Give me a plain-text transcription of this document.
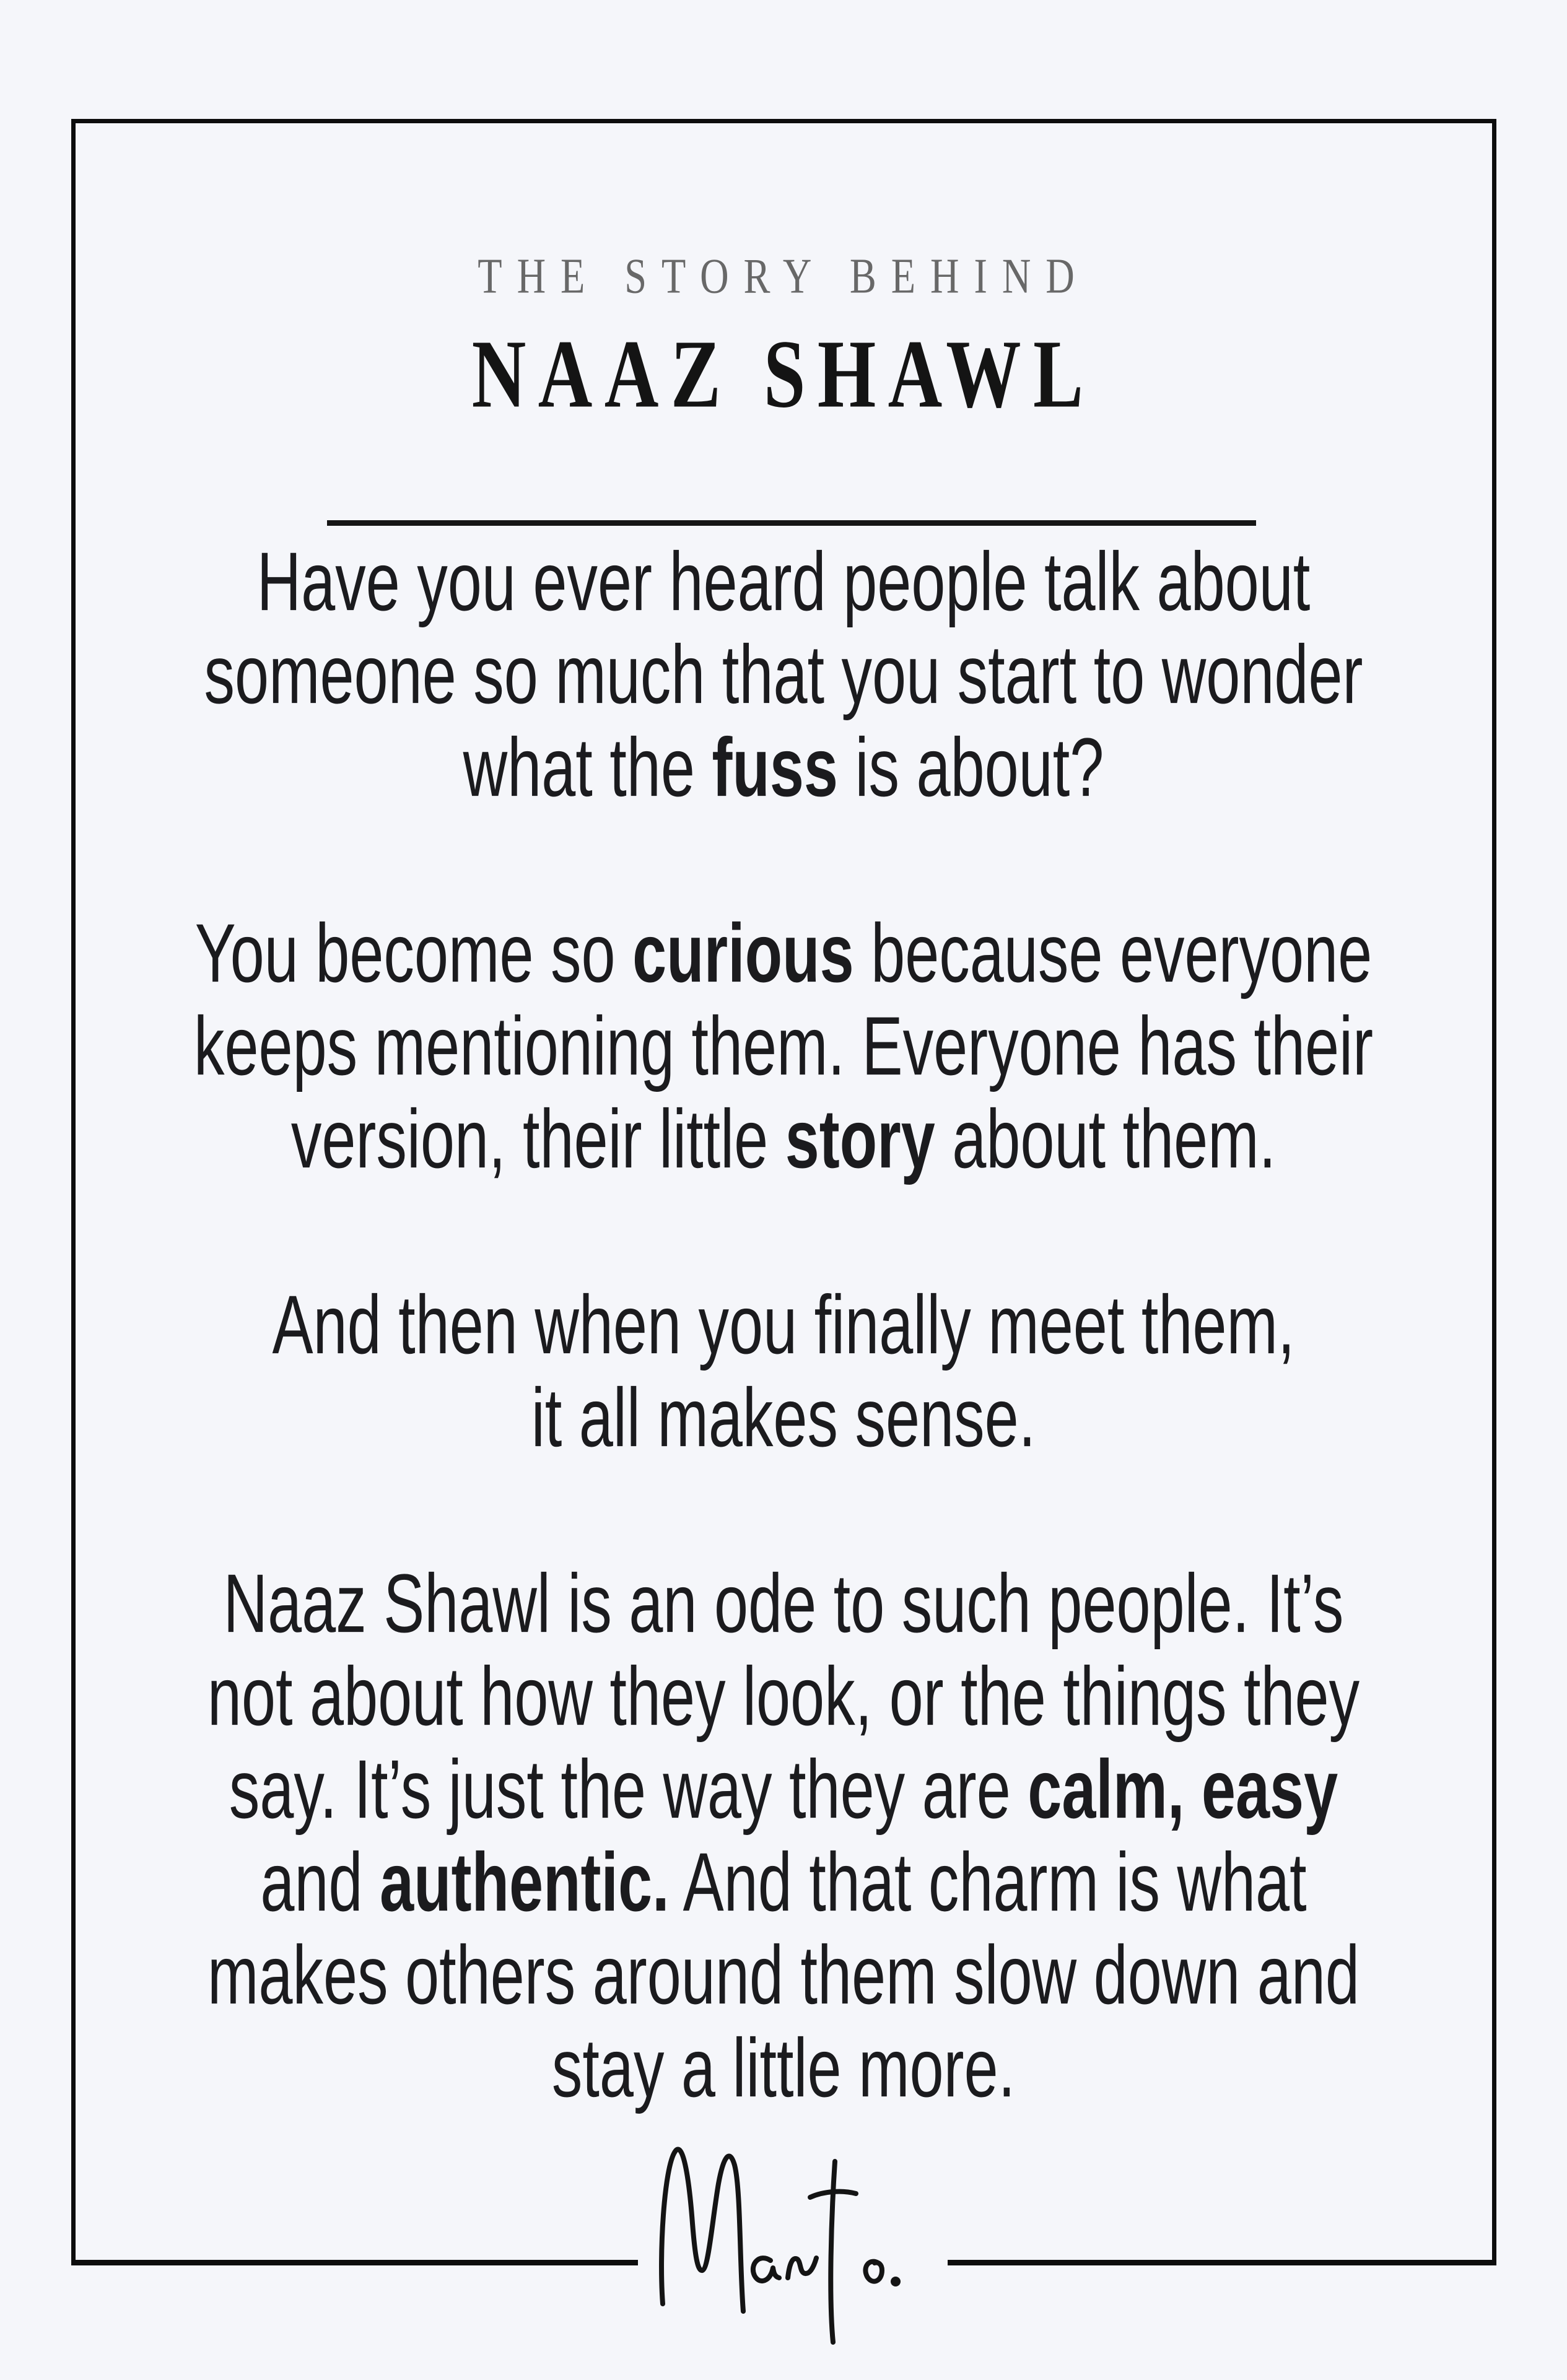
THE STORY BEHIND
NAAZ SHAWL
Have you ever heard people talk about
someone so much that you start to wonder
what the fuss is about?
You become so curious because everyone
keeps mentioning them. Everyone has their
version, their little story about them.
And then when you finally meet them,
it all makes sense.
Naaz Shawl is an ode to such people. It’s
not about how they look, or the things they
say. It’s just the way they are calm, easy
and authentic. And that charm is what
makes others around them slow down and
stay a little more.
